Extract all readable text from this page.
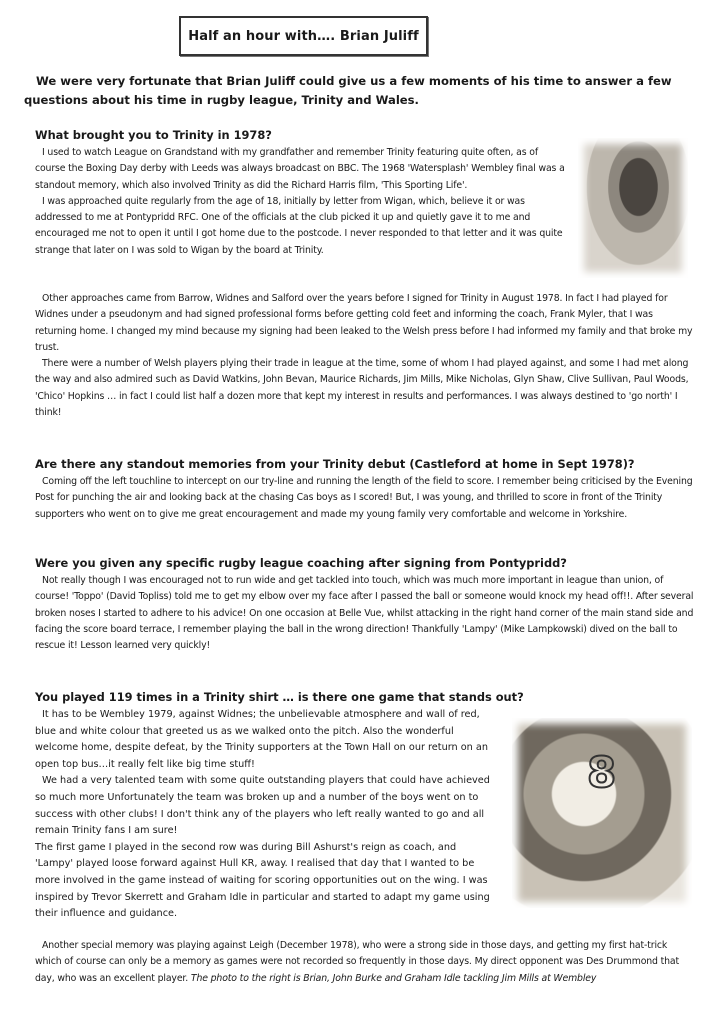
Half an hour with…. Brian Juliff
We were very fortunate that Brian Juliff could give us a few moments of his time to answer a few questions about his time in rugby league, Trinity and Wales.
What brought you to Trinity in 1978?

I used to watch League on Grandstand with my grandfather and remember Trinity featuring quite often, as of course the Boxing Day derby with Leeds was always broadcast on BBC. The 1968 'Watersplash' Wembley final was a standout memory, which also involved Trinity as did the Richard Harris film, 'This Sporting Life'.

I was approached quite regularly from the age of 18, initially by letter from Wigan, which, believe it or was addressed to me at Pontypridd RFC. One of the officials at the club picked it up and quietly gave it to me and encouraged me not to open it until I got home due to the postcode. I never responded to that letter and it was quite strange that later on I was sold to Wigan by the board at Trinity.

Other approaches came from Barrow, Widnes and Salford over the years before I signed for Trinity in August 1978. In fact I had played for Widnes under a pseudonym and had signed professional forms before getting cold feet and informing the coach, Frank Myler, that I was returning home. I changed my mind because my signing had been leaked to the Welsh press before I had informed my family and that broke my trust.

There were a number of Welsh players plying their trade in league at the time, some of whom I had played against, and some I had met along the way and also admired such as David Watkins, John Bevan, Maurice Richards, Jim Mills, Mike Nicholas, Glyn Shaw, Clive Sullivan, Paul Woods, 'Chico' Hopkins … in fact I could list half a dozen more that kept my interest in results and performances. I was always destined to 'go north' I think!

Are there any standout memories from your Trinity debut (Castleford at home in Sept 1978)?

Coming off the left touchline to intercept on our try-line and running the length of the field to score. I remember being criticised by the Evening Post for punching the air and looking back at the chasing Cas boys as I scored! But, I was young, and thrilled to score in front of the Trinity supporters who went on to give me great encouragement and made my young family very comfortable and welcome in Yorkshire.

Were you given any specific rugby league coaching after signing from Pontypridd?

Not really though I was encouraged not to run wide and get tackled into touch, which was much more important in league than union, of course! 'Toppo' (David Topliss) told me to get my elbow over my face after I passed the ball or someone would knock my head off!!. After several broken noses I started to adhere to his advice! On one occasion at Belle Vue, whilst attacking in the right hand corner of the main stand side and facing the score board terrace, I remember playing the ball in the wrong direction! Thankfully 'Lampy' (Mike Lampkowski) dived on the ball to rescue it! Lesson learned very quickly!

You played 119 times in a Trinity shirt … is there one game that stands out?

It has to be Wembley 1979, against Widnes; the unbelievable atmosphere and wall of red, blue and white colour that greeted us as we walked onto the pitch. Also the wonderful welcome home, despite defeat, by the Trinity supporters at the Town Hall on our return on an open top bus…it really felt like big time stuff!

We had a very talented team with some quite outstanding players that could have achieved so much more Unfortunately the team was broken up and a number of the boys went on to success with other clubs! I don't think any of the players who left really wanted to go and all remain Trinity fans I am sure!

The first game I played in the second row was during Bill Ashurst's reign as coach, and 'Lampy' played loose forward against Hull KR, away. I realised that day that I wanted to be more involved in the game instead of waiting for scoring opportunities out on the wing. I was inspired by Trevor Skerrett and Graham Idle in particular and started to adapt my game using their influence and guidance.

Another special memory was playing against Leigh (December 1978), who were a strong side in those days, and getting my first hat-trick which of course can only be a memory as games were not recorded so frequently in those days. My direct opponent was Des Drummond that day, who was an excellent player. The photo to the right is Brian, John Burke and Graham Idle tackling Jim Mills at Wembley

8
